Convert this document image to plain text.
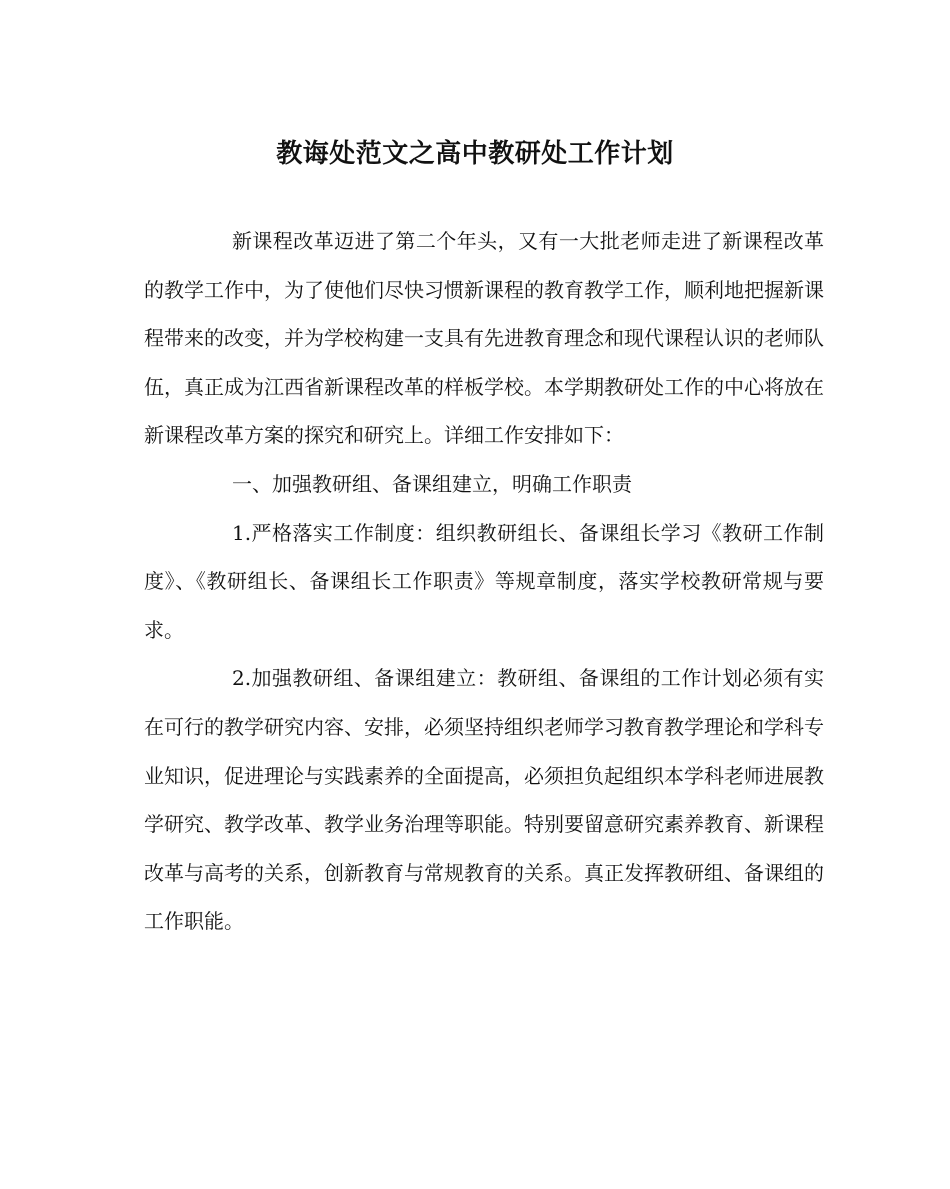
教诲处范文之高中教研处工作计划

新课程改革迈进了第二个年头，又有一大批老师走进了新课程改革的教学工作中，为了使他们尽快习惯新课程的教育教学工作，顺利地把握新课程带来的改变，并为学校构建一支具有先进教育理念和现代课程认识的老师队伍，真正成为江西省新课程改革的样板学校。本学期教研处工作的中心将放在新课程改革方案的探究和研究上。详细工作安排如下：

一、加强教研组、备课组建立，明确工作职责

1.严格落实工作制度：组织教研组长、备课组长学习《教研工作制度》、《教研组长、备课组长工作职责》等规章制度，落实学校教研常规与要求。

2.加强教研组、备课组建立：教研组、备课组的工作计划必须有实在可行的教学研究内容、安排，必须坚持组织老师学习教育教学理论和学科专业知识，促进理论与实践素养的全面提高，必须担负起组织本学科老师进展教学研究、教学改革、教学业务治理等职能。特别要留意研究素养教育、新课程改革与高考的关系，创新教育与常规教育的关系。真正发挥教研组、备课组的工作职能。
